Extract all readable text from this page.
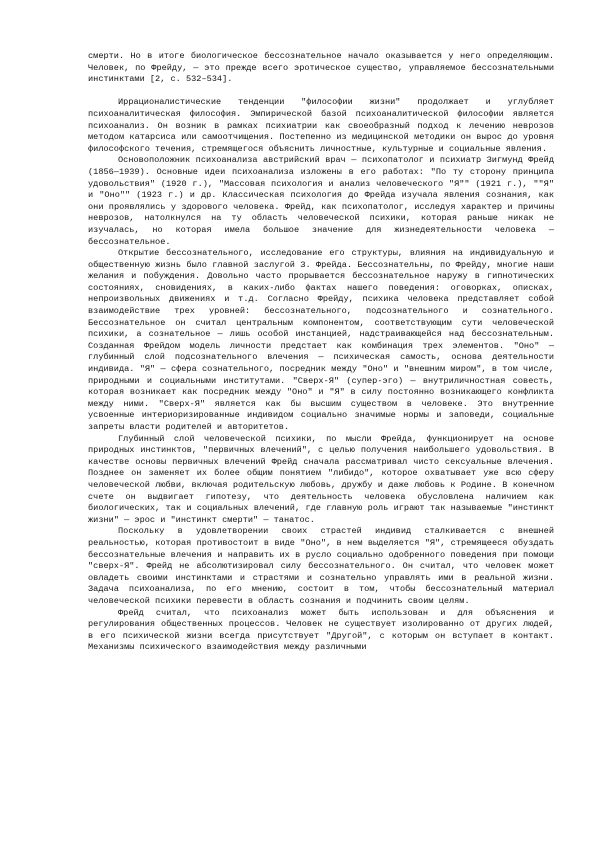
смерти. Но в итоге биологическое бессознательное начало оказывается у него определяющим. Человек, по Фрейду, — это прежде всего эротическое существо, управляемое бессознательными инстинктами [2, с. 532–534].

Иррационалистические тенденции "философии жизни" продолжает и углубляет психоаналитическая философия. Эмпирической базой психоаналитической философии является психоанализ. Он возник в рамках психиатрии как своеобразный подход к лечению неврозов методом катарсиса или самоотчищения. Постепенно из медицинской методики он вырос до уровня философского течения, стремящегося объяснить личностные, культурные и социальные явления.

Основоположник психоанализа австрийский врач — психопатолог и психиатр Зигмунд Фрейд (1856—1939). Основные идеи психоанализа изложены в его работах: "По ту сторону принципа удовольствия" (1920 г.), "Массовая психология и анализ человеческого "Я"" (1921 г.), ""Я" и "Оно"" (1923 г.) и др. Классическая психология до Фрейда изучала явления сознания, как они проявлялись у здорового человека. Фрейд, как психопатолог, исследуя характер и причины неврозов, натолкнулся на ту область человеческой психики, которая раньше никак не изучалась, но которая имела большое значение для жизнедеятельности человека — бессознательное.

Открытие бессознательного, исследование его структуры, влияния на индивидуальную и общественную жизнь было главной заслугой З. Фрейда. Бессознательны, по Фрейду, многие наши желания и побуждения. Довольно часто прорывается бессознательное наружу в гипнотических состояниях, сновидениях, в каких-либо фактах нашего поведения: оговорках, описках, непроизвольных движениях и т.д. Согласно Фрейду, психика человека представляет собой взаимодействие трех уровней: бессознательного, подсознательного и сознательного. Бессознательное он считал центральным компонентом, соответствующим сути человеческой психики, а сознательное — лишь особой инстанцией, надстраивающейся над бессознательным. Созданная Фрейдом модель личности предстает как комбинация трех элементов. "Оно" — глубинный слой подсознательного влечения — психическая самость, основа деятельности индивида. "Я" — сфера сознательного, посредник между "Оно" и "внешним миром", в том числе, природными и социальными институтами. "Сверх-Я" (супер-эго) — внутриличностная совесть, которая возникает как посредник между "Оно" и "Я" в силу постоянно возникающего конфликта между ними. "Сверх-Я" является как бы высшим существом в человеке. Это внутренние усвоенные интериоризированные индивидом социально значимые нормы и заповеди, социальные запреты власти родителей и авторитетов.

Глубинный слой человеческой психики, по мысли Фрейда, функционирует на основе природных инстинктов, "первичных влечений", с целью получения наибольшего удовольствия. В качестве основы первичных влечений Фрейд сначала рассматривал чисто сексуальные влечения. Позднее он заменяет их более общим понятием "либидо", которое охватывает уже всю сферу человеческой любви, включая родительскую любовь, дружбу и даже любовь к Родине. В конечном счете он выдвигает гипотезу, что деятельность человека обусловлена наличием как биологических, так и социальных влечений, где главную роль играют так называемые "инстинкт жизни" — эрос и "инстинкт смерти" — танатос.

Поскольку в удовлетворении своих страстей индивид сталкивается с внешней реальностью, которая противостоит в виде "Оно", в нем выделяется "Я", стремящееся обуздать бессознательные влечения и направить их в русло социально одобренного поведения при помощи "сверх-Я". Фрейд не абсолютизировал силу бессознательного. Он считал, что человек может овладеть своими инстинктами и страстями и сознательно управлять ими в реальной жизни. Задача психоанализа, по его мнению, состоит в том, чтобы бессознательный материал человеческой психики перевести в область сознания и подчинить своим целям.

Фрейд считал, что психоанализ может быть использован и для объяснения и регулирования общественных процессов. Человек не существует изолированно от других людей, в его психической жизни всегда присутствует "Другой", с которым он вступает в контакт. Механизмы психического взаимодействия между различными
